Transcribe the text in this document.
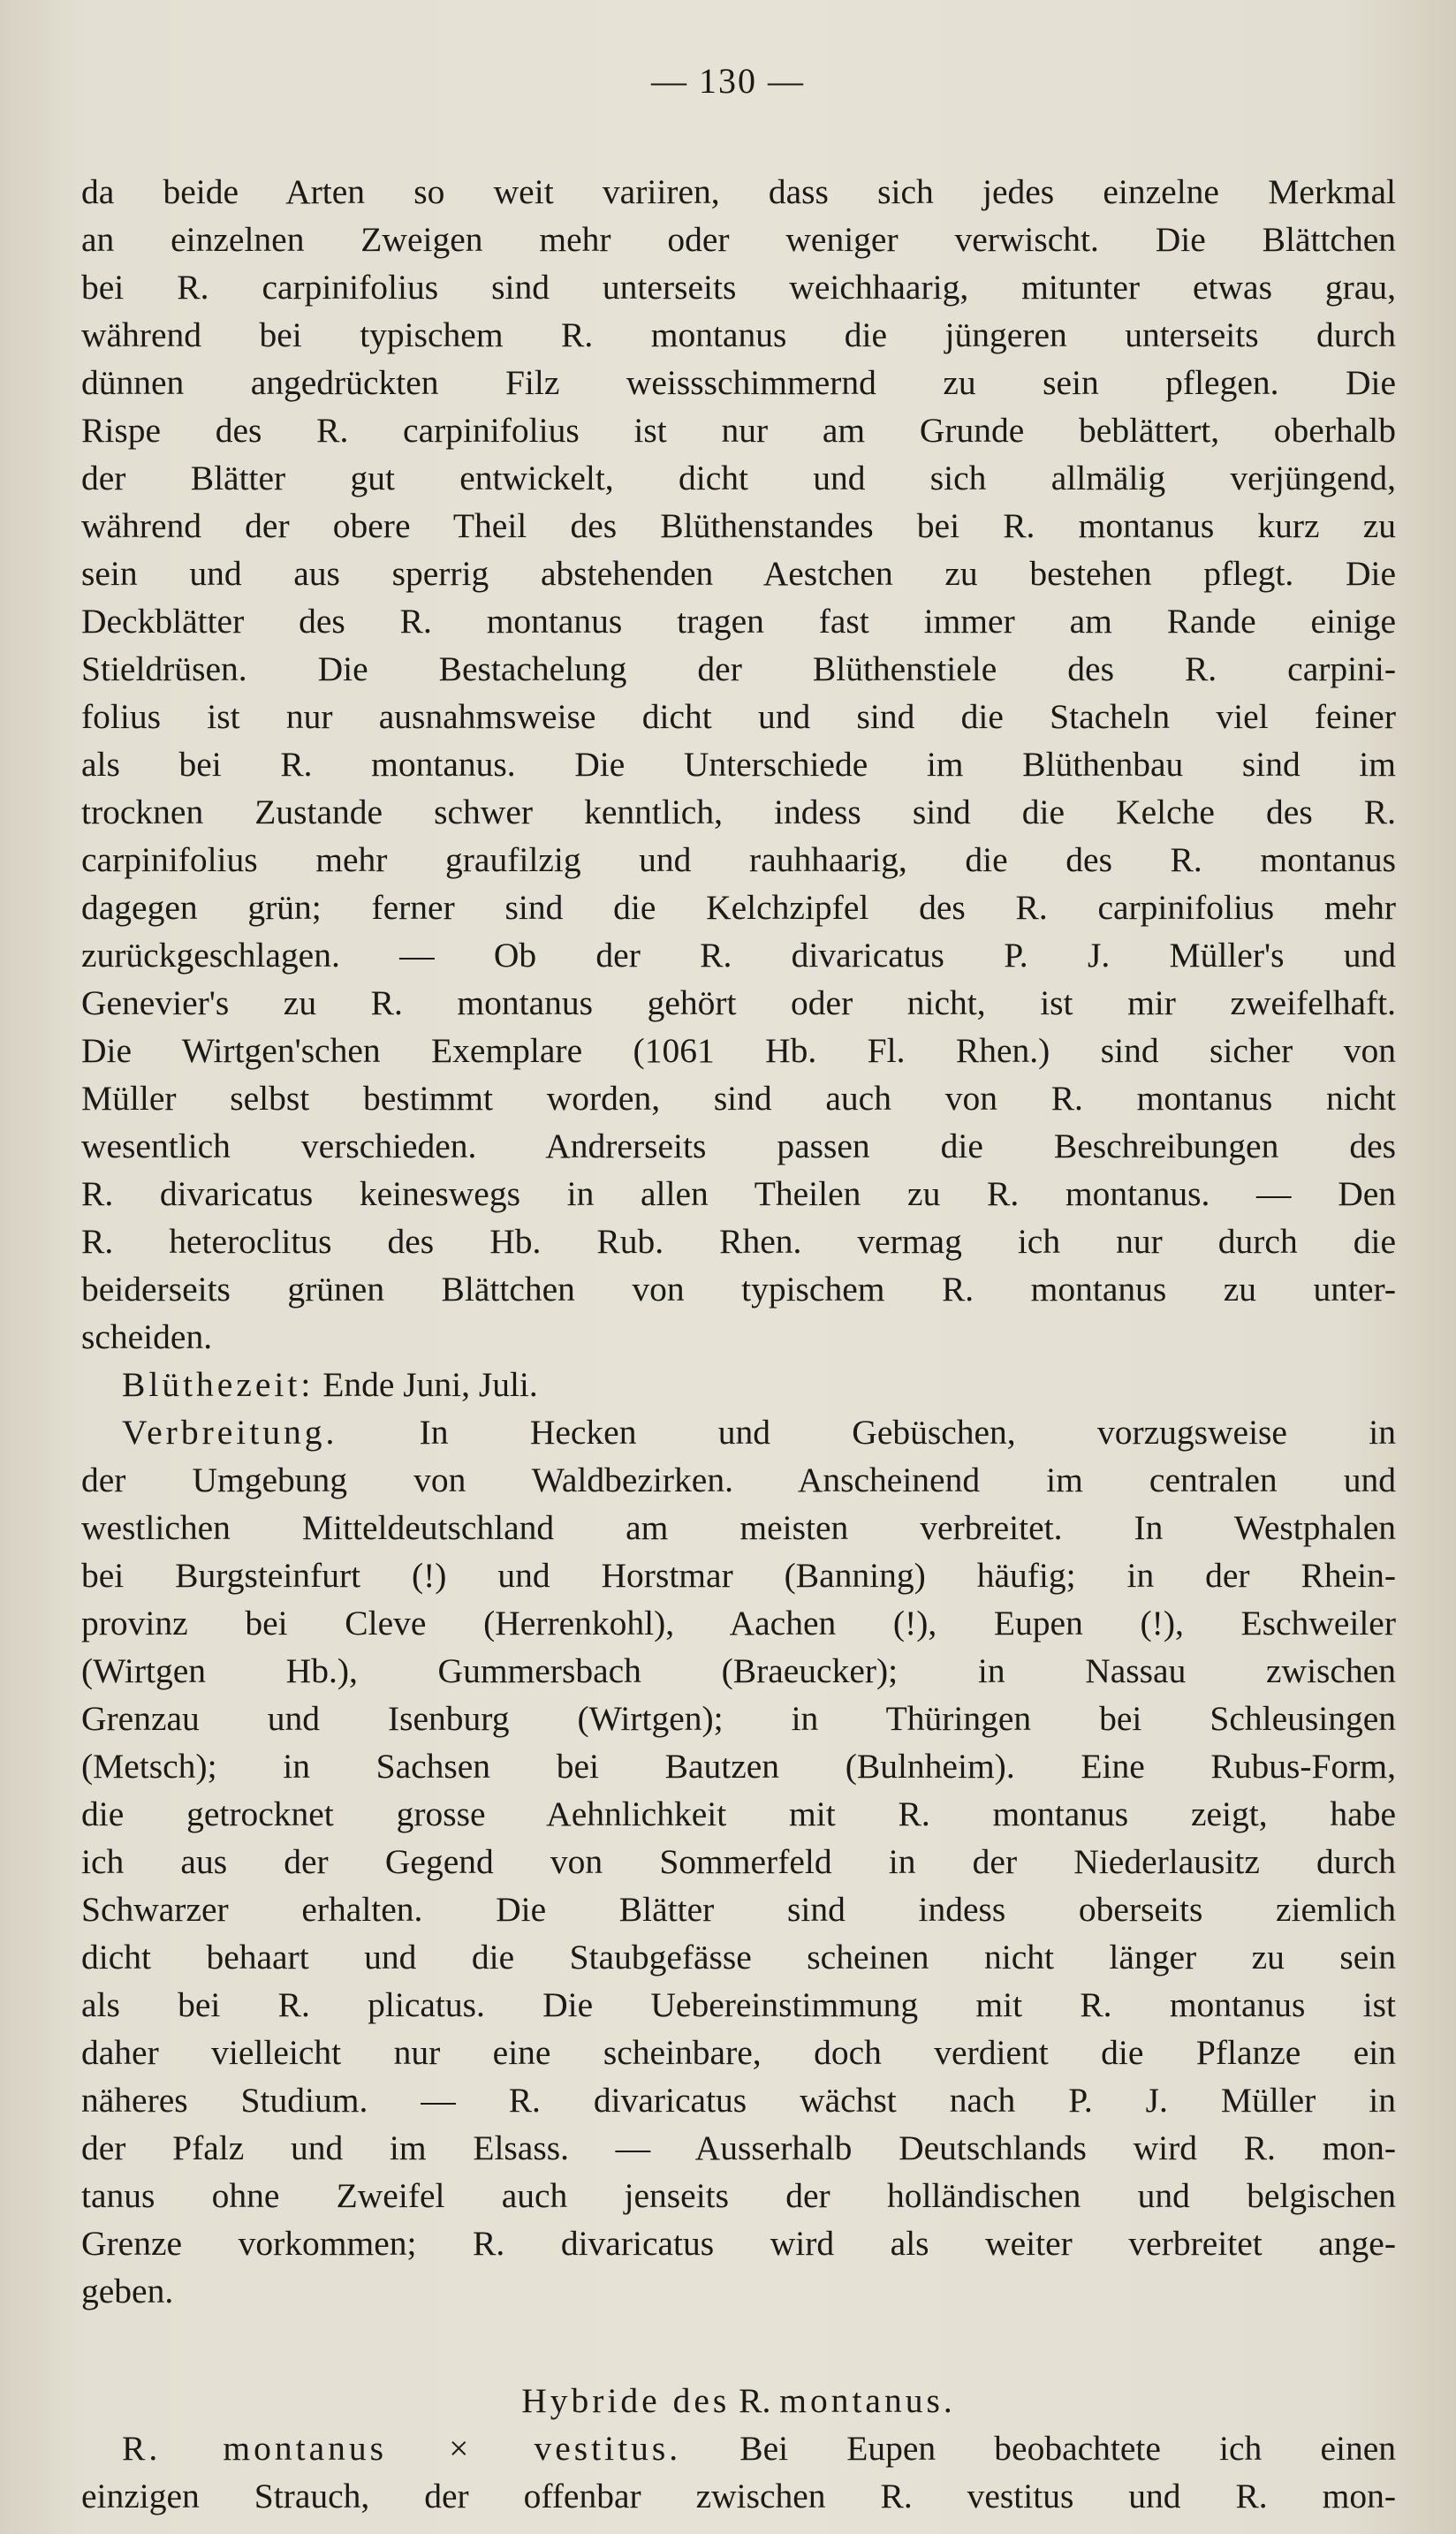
— 130 —
da beide Arten so weit variiren, dass sich jedes einzelne Merkmal
an einzelnen Zweigen mehr oder weniger verwischt. Die Blättchen
bei R. carpinifolius sind unterseits weichhaarig, mitunter etwas grau,
während bei typischem R. montanus die jüngeren unterseits durch
dünnen angedrückten Filz weissschimmernd zu sein pflegen. Die
Rispe des R. carpinifolius ist nur am Grunde beblättert, oberhalb
der Blätter gut entwickelt, dicht und sich allmälig verjüngend,
während der obere Theil des Blüthenstandes bei R. montanus kurz zu
sein und aus sperrig abstehenden Aestchen zu bestehen pflegt. Die
Deckblätter des R. montanus tragen fast immer am Rande einige
Stieldrüsen. Die Bestachelung der Blüthenstiele des R. carpini-
folius ist nur ausnahmsweise dicht und sind die Stacheln viel feiner
als bei R. montanus. Die Unterschiede im Blüthenbau sind im
trocknen Zustande schwer kenntlich, indess sind die Kelche des R.
carpinifolius mehr graufilzig und rauhhaarig, die des R. montanus
dagegen grün; ferner sind die Kelchzipfel des R. carpinifolius mehr
zurückgeschlagen. — Ob der R. divaricatus P. J. Müller's und
Genevier's zu R. montanus gehört oder nicht, ist mir zweifelhaft.
Die Wirtgen'schen Exemplare (1061 Hb. Fl. Rhen.) sind sicher von
Müller selbst bestimmt worden, sind auch von R. montanus nicht
wesentlich verschieden. Andrerseits passen die Beschreibungen des
R. divaricatus keineswegs in allen Theilen zu R. montanus. — Den
R. heteroclitus des Hb. Rub. Rhen. vermag ich nur durch die
beiderseits grünen Blättchen von typischem R. montanus zu unter-
scheiden.
Blüthezeit: Ende Juni, Juli.
Verbreitung. In Hecken und Gebüschen, vorzugsweise in
der Umgebung von Waldbezirken. Anscheinend im centralen und
westlichen Mitteldeutschland am meisten verbreitet. In Westphalen
bei Burgsteinfurt (!) und Horstmar (Banning) häufig; in der Rhein-
provinz bei Cleve (Herrenkohl), Aachen (!), Eupen (!), Eschweiler
(Wirtgen Hb.), Gummersbach (Braeucker); in Nassau zwischen
Grenzau und Isenburg (Wirtgen); in Thüringen bei Schleusingen
(Metsch); in Sachsen bei Bautzen (Bulnheim). Eine Rubus-Form,
die getrocknet grosse Aehnlichkeit mit R. montanus zeigt, habe
ich aus der Gegend von Sommerfeld in der Niederlausitz durch
Schwarzer erhalten. Die Blätter sind indess oberseits ziemlich
dicht behaart und die Staubgefässe scheinen nicht länger zu sein
als bei R. plicatus. Die Uebereinstimmung mit R. montanus ist
daher vielleicht nur eine scheinbare, doch verdient die Pflanze ein
näheres Studium. — R. divaricatus wächst nach P. J. Müller in
der Pfalz und im Elsass. — Ausserhalb Deutschlands wird R. mon-
tanus ohne Zweifel auch jenseits der holländischen und belgischen
Grenze vorkommen; R. divaricatus wird als weiter verbreitet ange-
geben.
Hybride des R. montanus.
R. montanus × vestitus. Bei Eupen beobachtete ich einen
einzigen Strauch, der offenbar zwischen R. vestitus und R. mon-
